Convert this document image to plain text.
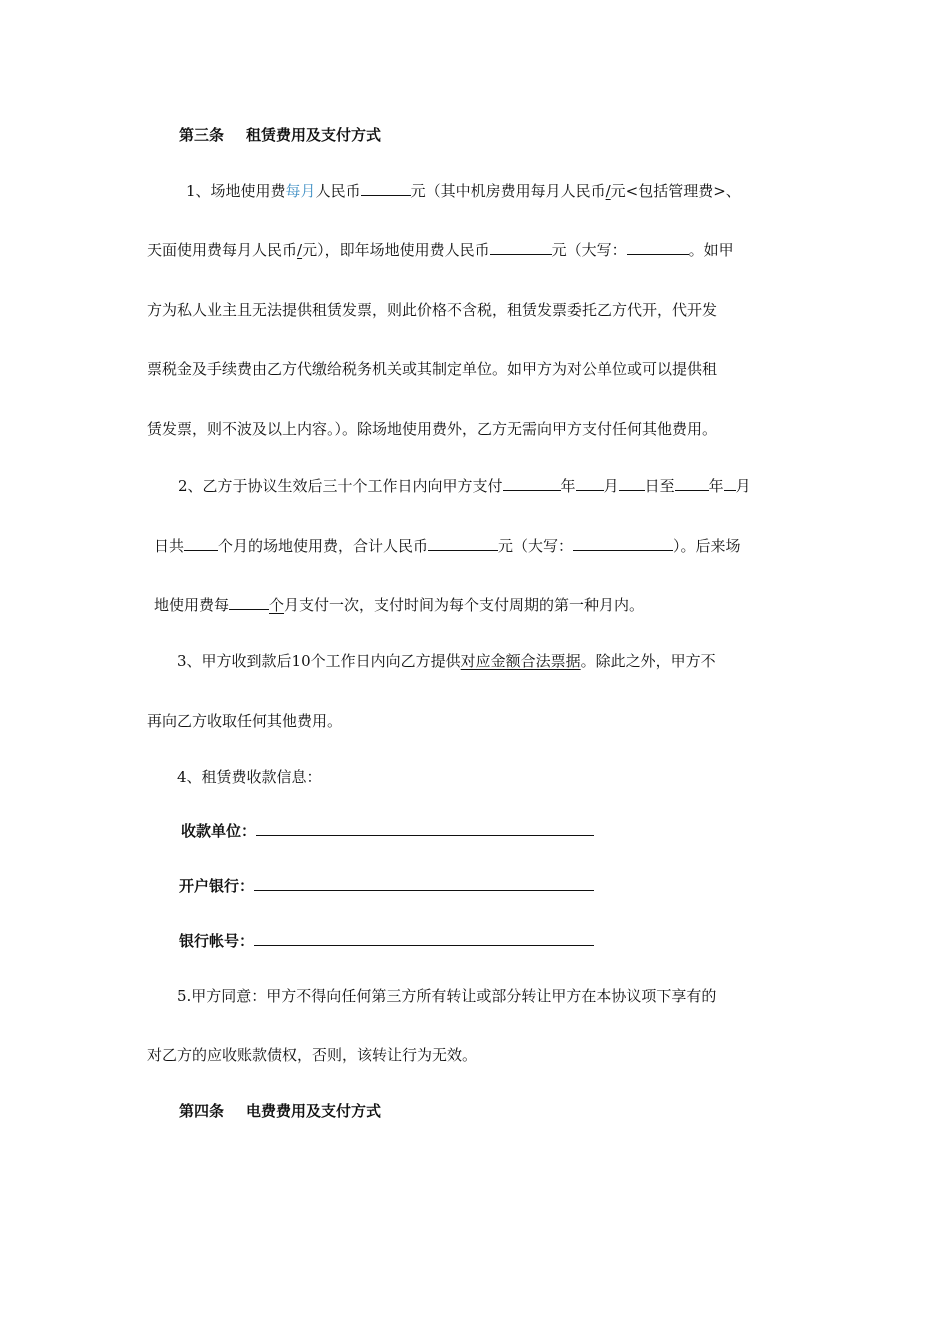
第三条 租赁费用及支付方式
1、场地使用费每月人民币	元（其中机房费用每月人民币/元<包括管理费>、
天面使用费每月人民币/元），即年场地使用费人民币	元（大写：	。如甲
方为私人业主且无法提供租赁发票，则此价格不含税，租赁发票委托乙方代开，代开发
票税金及手续费由乙方代缴给税务机关或其制定单位。如甲方为对公单位或可以提供租
赁发票，则不波及以上内容。）。除场地使用费外，乙方无需向甲方支付任何其他费用。
2、乙方于协议生效后三十个工作日内向甲方支付	年 月 日至 年 月
日共 个月的场地使用费，合计人民币	元（大写：	）。后来场
地使用费每	个月支付一次，支付时间为每个支付周期的第一种月内。
3、甲方收到款后10个工作日内向乙方提供对应金额合法票据。除此之外，甲方不
再向乙方收取任何其他费用。
4、租赁费收款信息：
收款单位：
开户银行：
银行帐号：
5.甲方同意：甲方不得向任何第三方所有转让或部分转让甲方在本协议项下享有的
对乙方的应收账款债权，否则，该转让行为无效。
第四条 电费费用及支付方式
